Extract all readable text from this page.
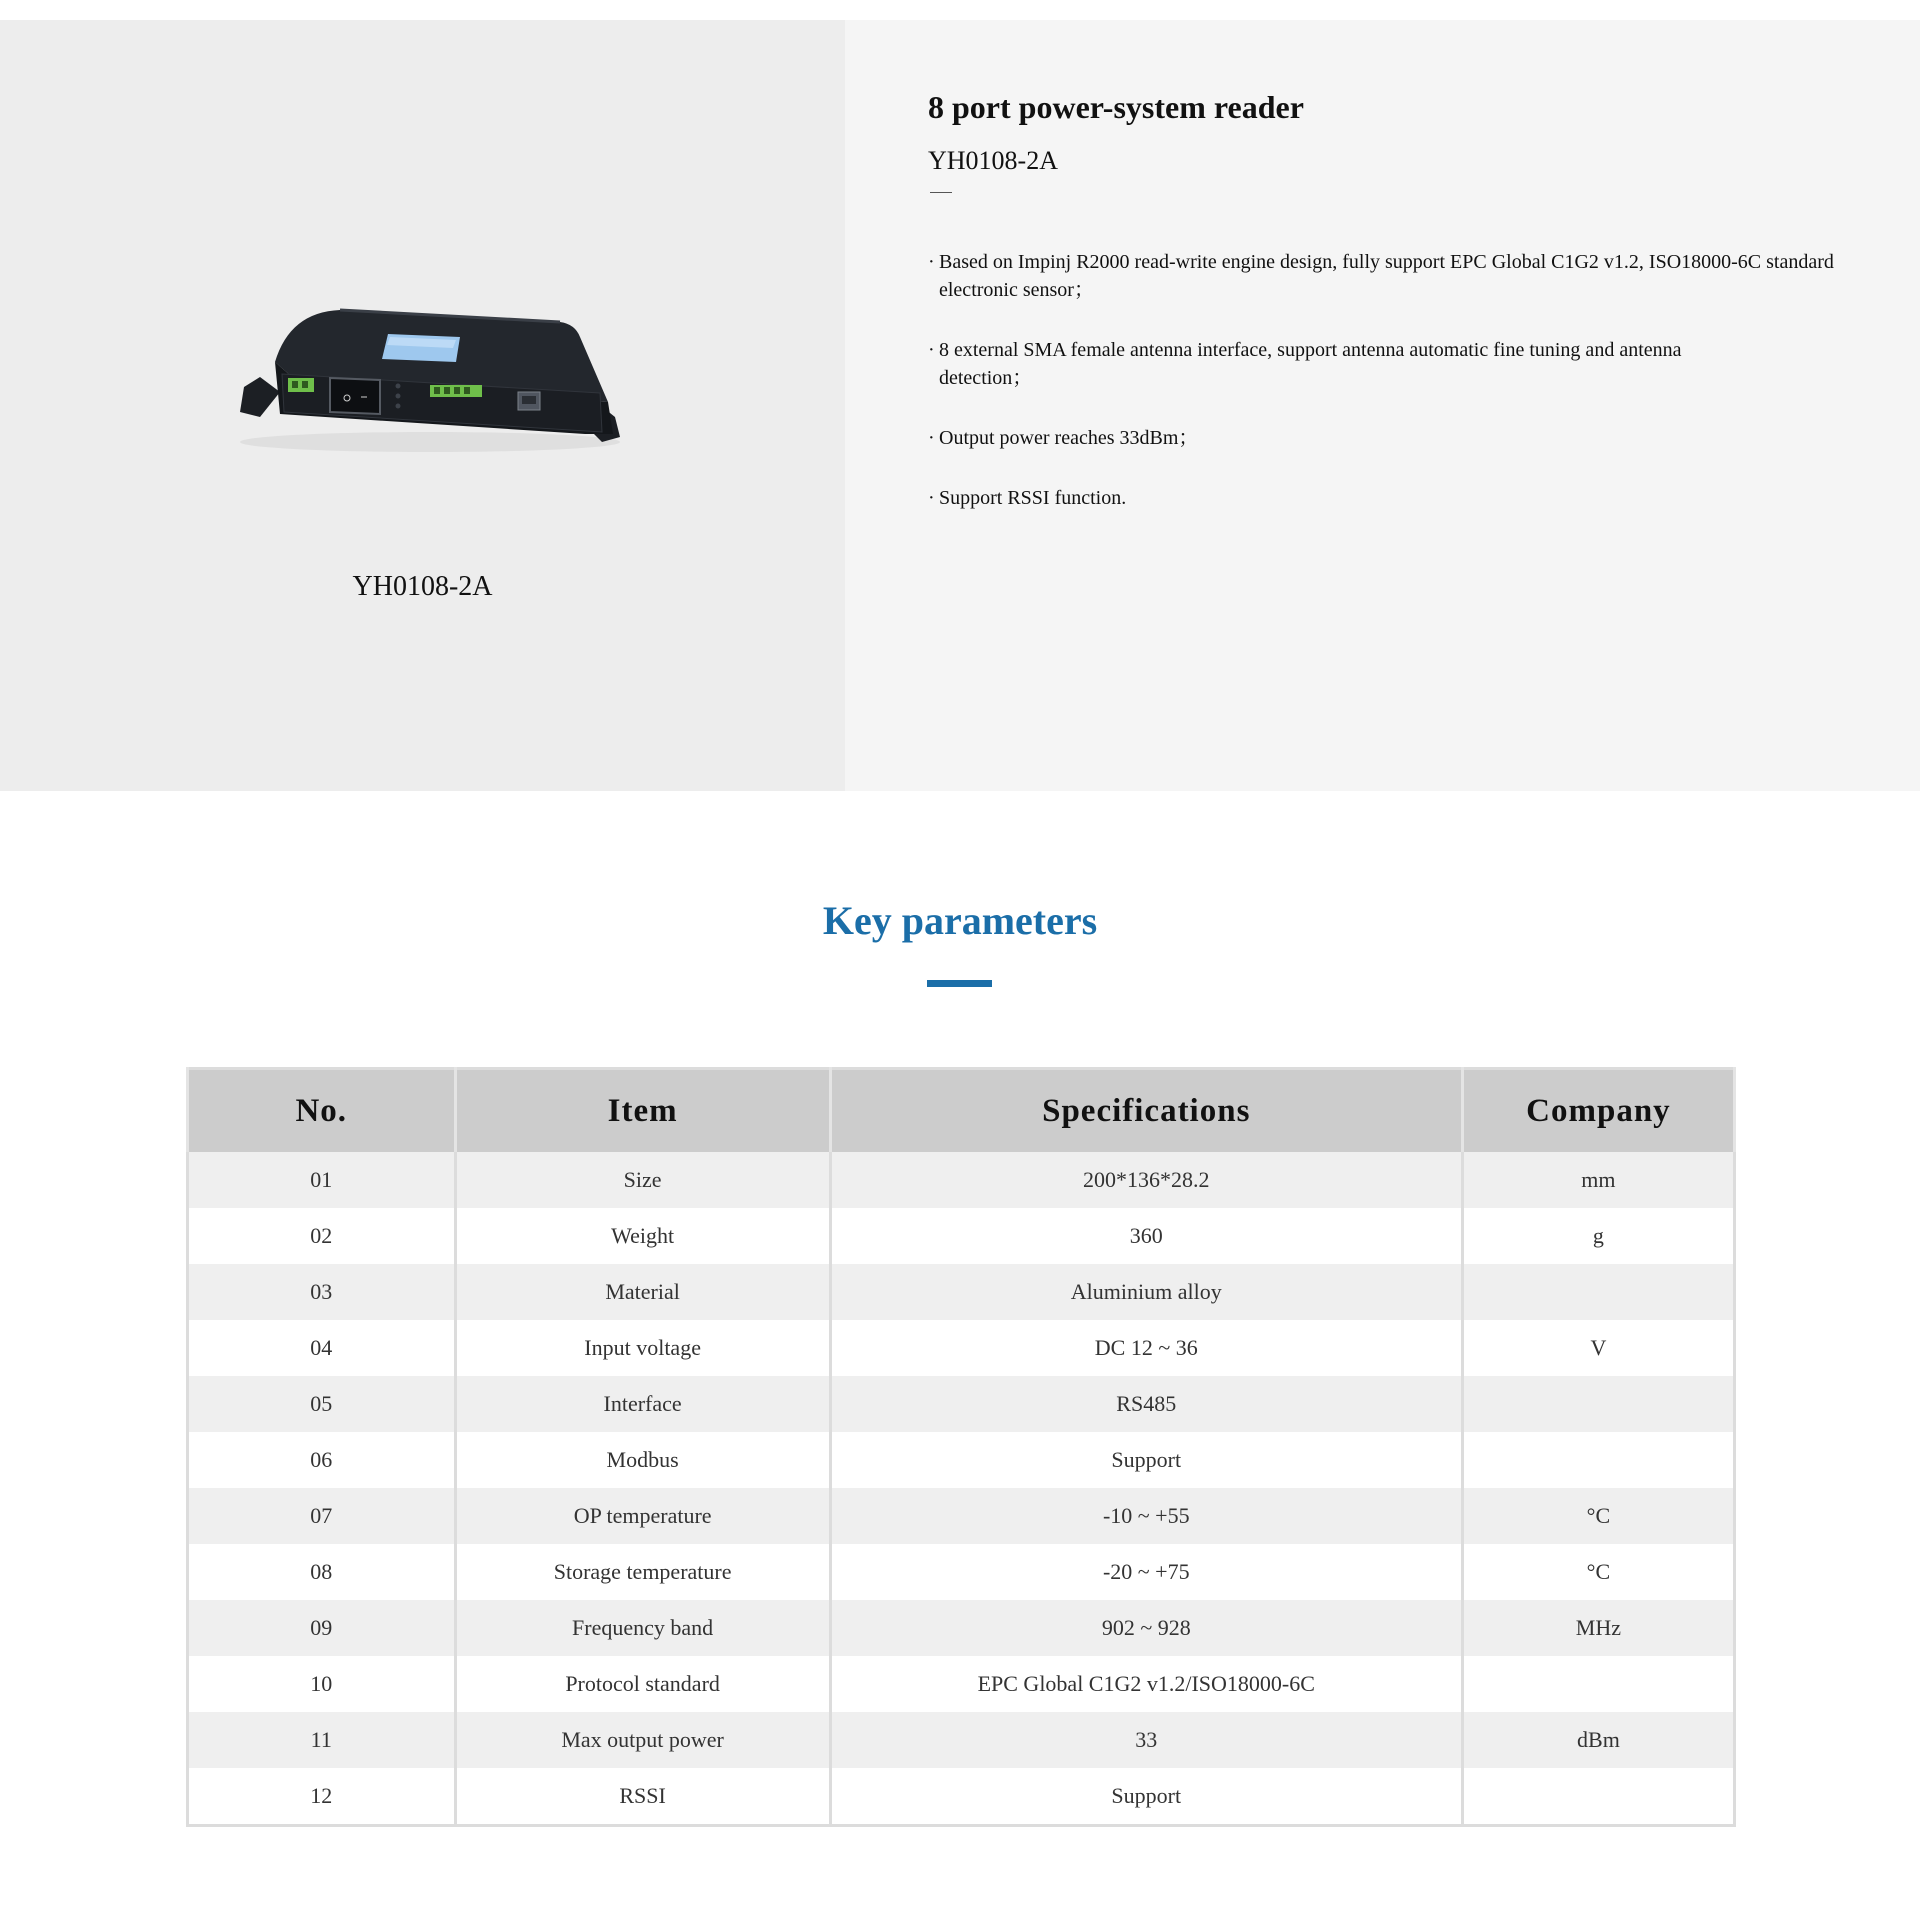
YH0108-2A
8 port power-system reader
YH0108-2A
· Based on Impinj R2000 read-write engine design, fully support EPC Global C1G2 v1.2, ISO18000-6C standard electronic sensor；
· 8 external SMA female antenna interface, support antenna automatic fine tuning and antenna detection；
· Output power reaches 33dBm；
· Support RSSI function.
Key parameters
No.	Item	Specifications	Company
01	Size	200*136*28.2	mm
02	Weight	360	g
03	Material	Aluminium alloy	
04	Input voltage	DC 12 ~ 36	V
05	Interface	RS485	
06	Modbus	Support	
07	OP temperature	-10 ~ +55	°C
08	Storage temperature	-20 ~ +75	°C
09	Frequency band	902 ~ 928	MHz
10	Protocol standard	EPC Global C1G2 v1.2/ISO18000-6C	
11	Max output power	33	dBm
12	RSSI	Support	
